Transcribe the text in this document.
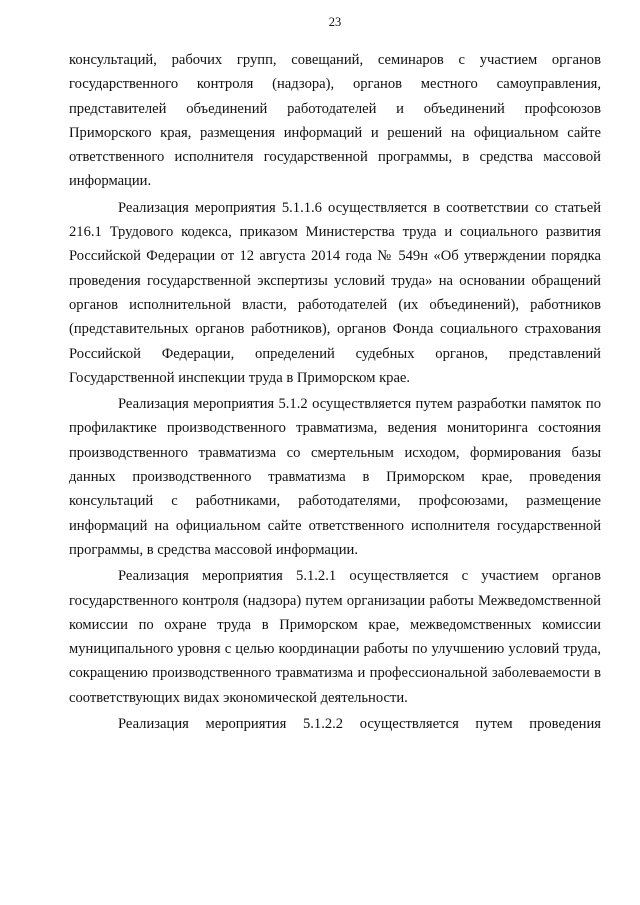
23

консультаций, рабочих групп, совещаний, семинаров с участием органов государственного контроля (надзора), органов местного самоуправления, представителей объединений работодателей и объединений профсоюзов Приморского края, размещения информаций и решений на официальном сайте ответственного исполнителя государственной программы, в средства массовой информации.

Реализация мероприятия 5.1.1.6 осуществляется в соответствии со статьей 216.1 Трудового кодекса, приказом Министерства труда и социального развития Российской Федерации от 12 августа 2014 года № 549н «Об утверждении порядка проведения государственной экспертизы условий труда» на основании обращений органов исполнительной власти, работодателей (их объединений), работников (представительных органов работников), органов Фонда социального страхования Российской Федерации, определений судебных органов, представлений Государственной инспекции труда в Приморском крае.

Реализация мероприятия 5.1.2 осуществляется путем разработки памяток по профилактике производственного травматизма, ведения мониторинга состояния производственного травматизма со смертельным исходом, формирования базы данных производственного травматизма в Приморском крае, проведения консультаций с работниками, работодателями, профсоюзами, размещение информаций на официальном сайте ответственного исполнителя государственной программы, в средства массовой информации.

Реализация мероприятия 5.1.2.1 осуществляется с участием органов государственного контроля (надзора) путем организации работы Межведомственной комиссии по охране труда в Приморском крае, межведомственных комиссии муниципального уровня с целью координации работы по улучшению условий труда, сокращению производственного травматизма и профессиональной заболеваемости в соответствующих видах экономической деятельности.

Реализация мероприятия 5.1.2.2 осуществляется путем проведения
